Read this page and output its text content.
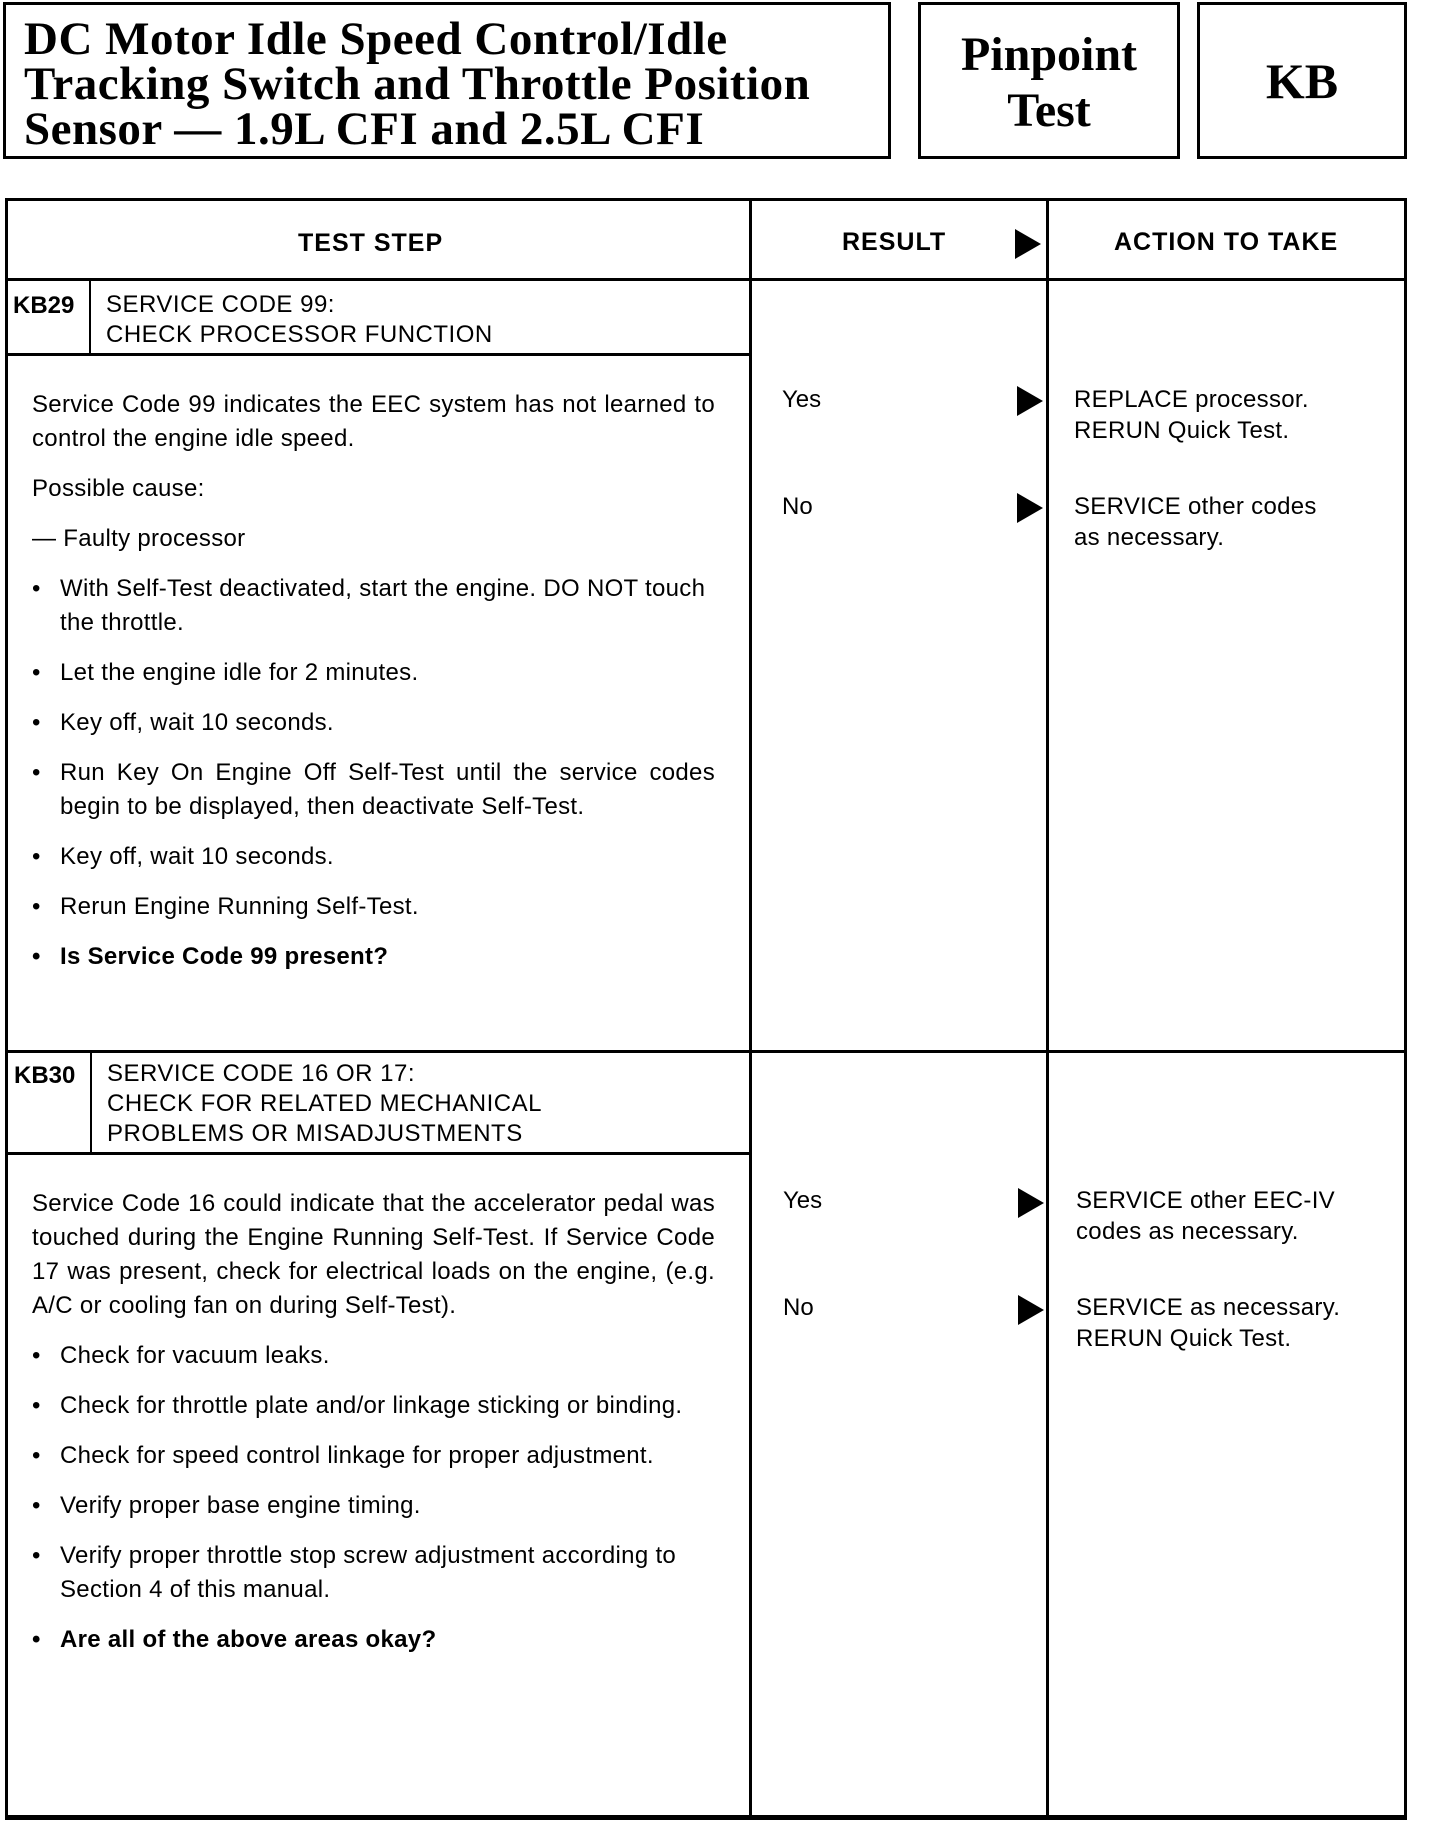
DC Motor Idle Speed Control/Idle
Tracking Switch and Throttle Position
Sensor — 1.9L CFI and 2.5L CFI
Pinpoint
Test
KB
TEST STEP	RESULT	ACTION TO TAKE
KB29 SERVICE CODE 99:
CHECK PROCESSOR FUNCTION

Service Code 99 indicates the EEC system has not learned to control the engine idle speed.

Possible cause:

— Faulty processor

• With Self-Test deactivated, start the engine. DO NOT touch the throttle.
• Let the engine idle for 2 minutes.
• Key off, wait 10 seconds.
• Run Key On Engine Off Self-Test until the service codes begin to be displayed, then deactivate Self-Test.
• Key off, wait 10 seconds.
• Rerun Engine Running Self-Test.
• Is Service Code 99 present?
Yes	REPLACE processor.
RERUN Quick Test.
No	SERVICE other codes
as necessary.
KB30 SERVICE CODE 16 OR 17:
CHECK FOR RELATED MECHANICAL
PROBLEMS OR MISADJUSTMENTS

Service Code 16 could indicate that the accelerator pedal was touched during the Engine Running Self-Test. If Service Code 17 was present, check for electrical loads on the engine, (e.g. A/C or cooling fan on during Self-Test).

• Check for vacuum leaks.
• Check for throttle plate and/or linkage sticking or binding.
• Check for speed control linkage for proper adjustment.
• Verify proper base engine timing.
• Verify proper throttle stop screw adjustment according to Section 4 of this manual.
• Are all of the above areas okay?
Yes	SERVICE other EEC-IV
codes as necessary.
No	SERVICE as necessary.
RERUN Quick Test.
